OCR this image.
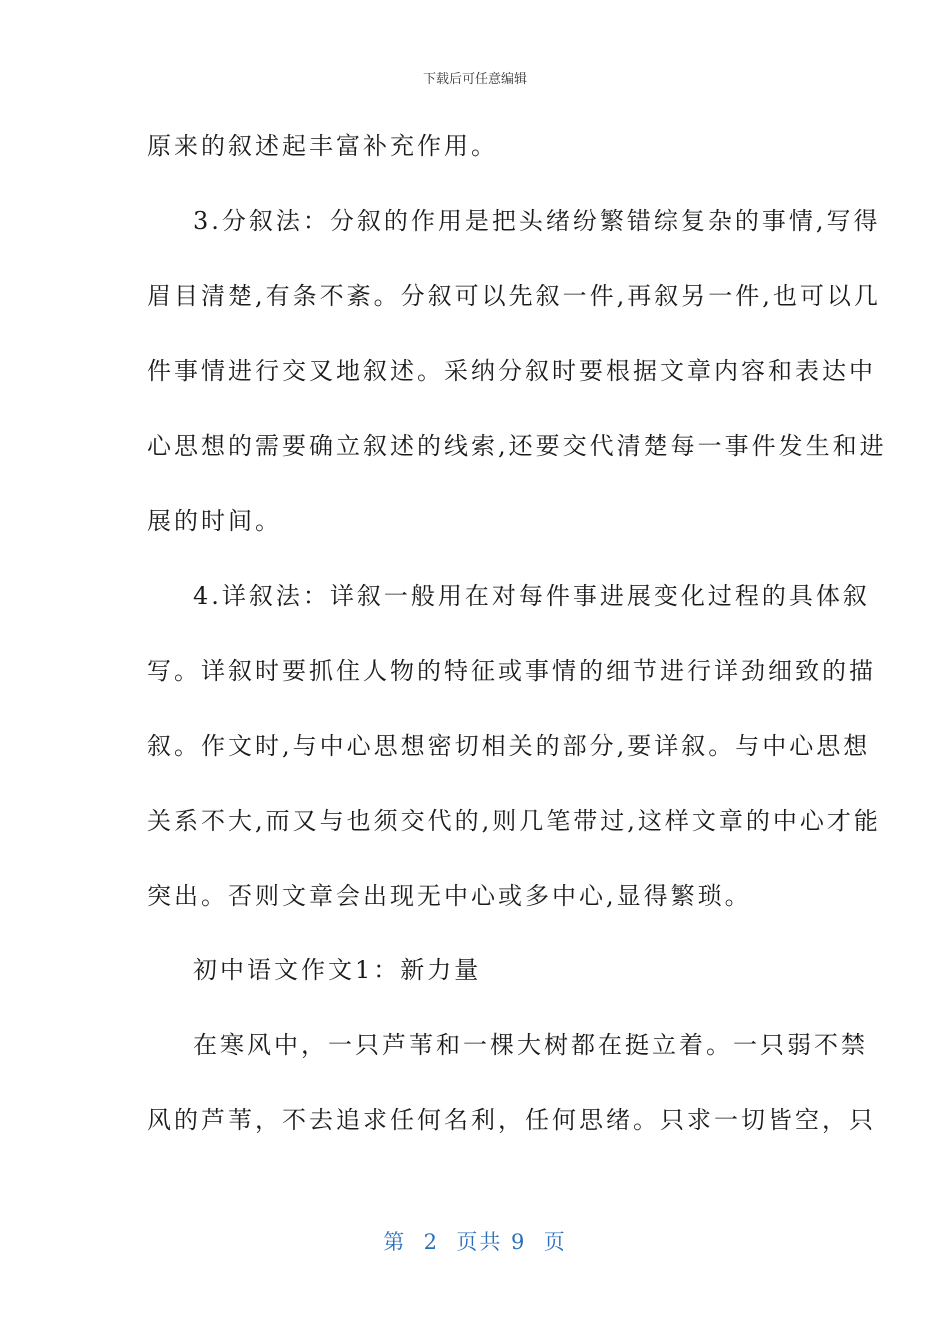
下载后可任意编辑
原来的叙述起丰富补充作用。
3.分叙法：分叙的作用是把头绪纷繁错综复杂的事情,写得
眉目清楚,有条不紊。分叙可以先叙一件,再叙另一件,也可以几
件事情进行交叉地叙述。采纳分叙时要根据文章内容和表达中
心思想的需要确立叙述的线索,还要交代清楚每一事件发生和进
展的时间。
4.详叙法：详叙一般用在对每件事进展变化过程的具体叙
写。详叙时要抓住人物的特征或事情的细节进行详劲细致的描
叙。作文时,与中心思想密切相关的部分,要详叙。与中心思想
关系不大,而又与也须交代的,则几笔带过,这样文章的中心才能
突出。否则文章会出现无中心或多中心,显得繁琐。
初中语文作文1：新力量
在寒风中，一只芦苇和一棵大树都在挺立着。一只弱不禁
风的芦苇，不去追求任何名利，任何思绪。只求一切皆空，只
第  2  页共 9  页
